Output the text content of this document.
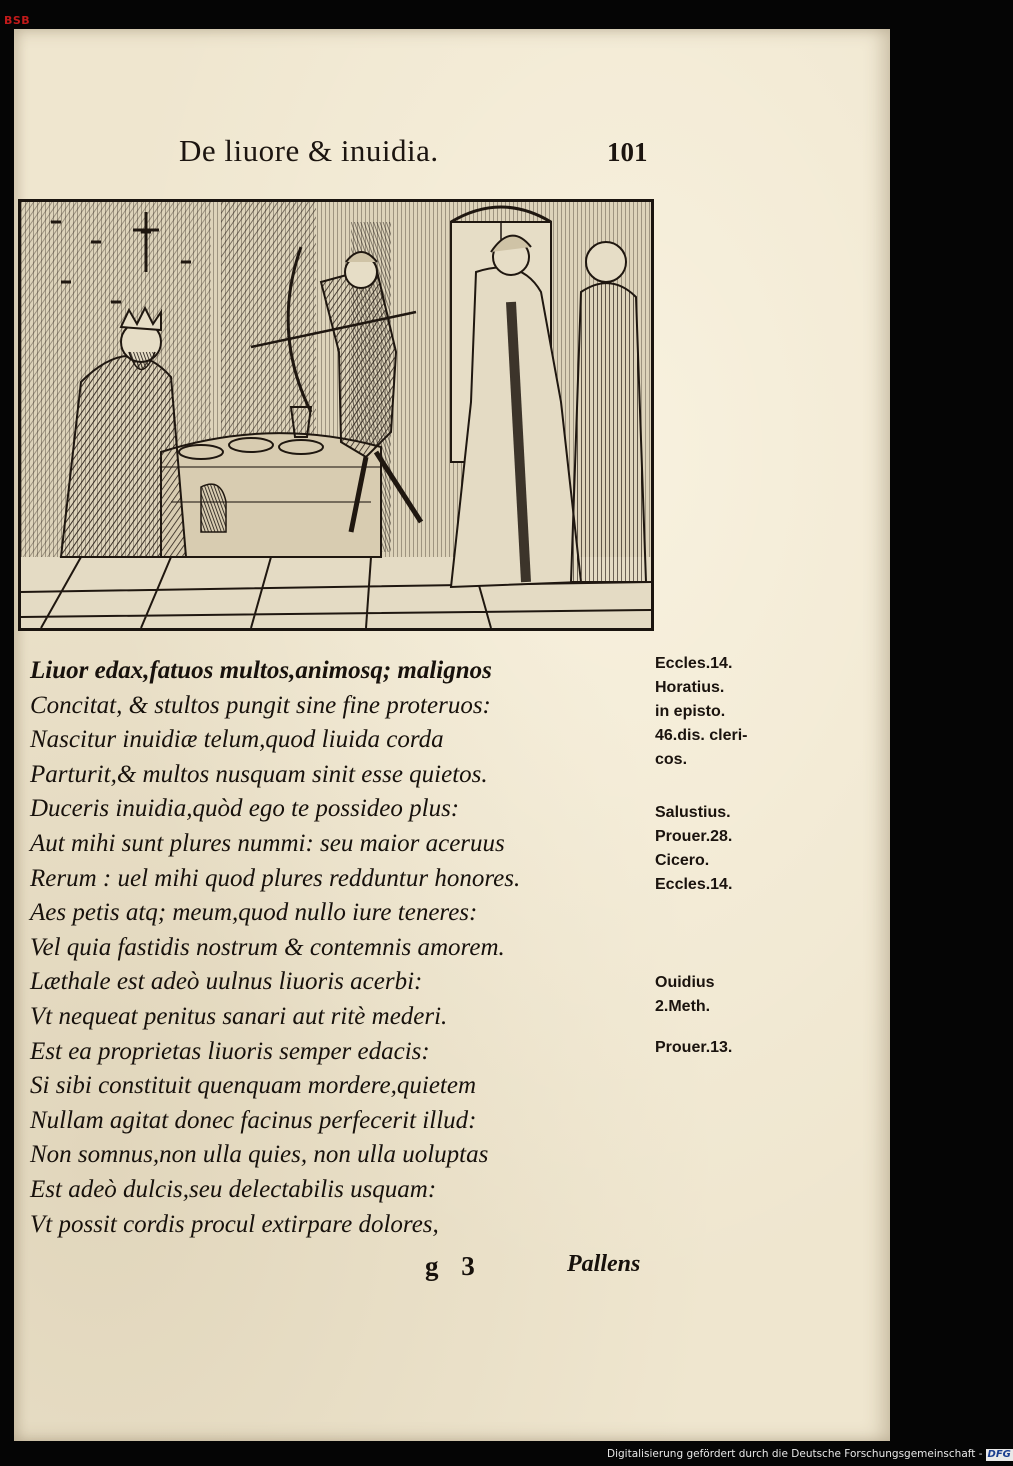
BSB
De liuore & inuidia.	101
Liuor edax,fatuos multos,animosq; malignos
Concitat, & stultos pungit sine fine proteruos:
Nascitur inuidiæ telum,quod liuida corda
Parturit,& multos nusquam sinit esse quietos.
Duceris inuidia,quòd ego te possideo plus:
Aut mihi sunt plures nummi: seu maior aceruus
Rerum : uel mihi quod plures redduntur honores.
Aes petis atq; meum,quod nullo iure teneres:
Vel quia fastidis nostrum & contemnis amorem.
Læthale est adeò uulnus liuoris acerbi:
Vt nequeat penitus sanari aut ritè mederi.
Est ea proprietas liuoris semper edacis:
Si sibi constituit quenquam mordere,quietem
Nullam agitat donec facinus perfecerit illud:
Non somnus,non ulla quies, non ulla uoluptas
Est adeò dulcis,seu delectabilis usquam:
Vt possit cordis procul extirpare dolores,
Eccles.14.
Horatius.
in episto.
46.dis. cleri-
cos.
Salustius.
Prouer.28.
Cicero.
Eccles.14.
Ouidius
2.Meth.
Prouer.13.
g 3	Pallens
Digitalisierung gefördert durch die Deutsche Forschungsgemeinschaft - DFG
